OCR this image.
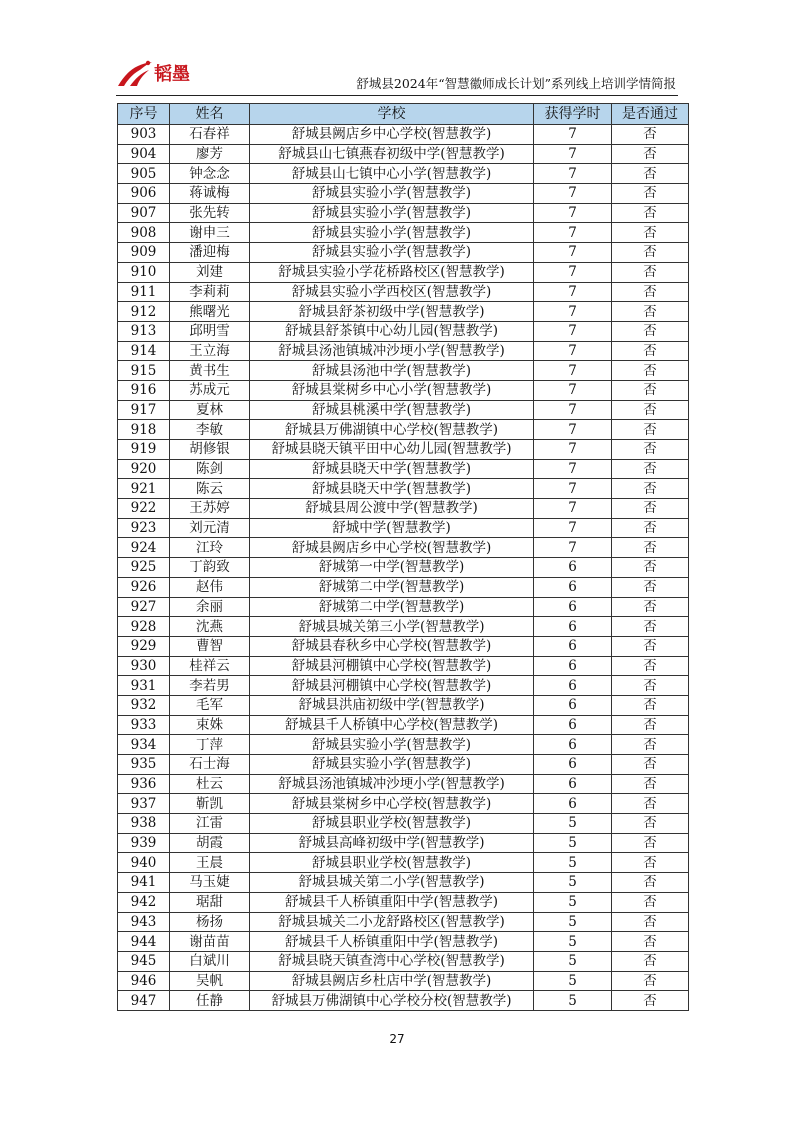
韬墨	舒城县2024年“智慧徽师成长计划”系列线上培训学情简报
序号	姓名	学校	获得学时	是否通过
903	石春祥	舒城县阙店乡中心学校(智慧教学)	7	否
904	廖芳	舒城县山七镇燕春初级中学(智慧教学)	7	否
905	钟念念	舒城县山七镇中心小学(智慧教学)	7	否
906	蒋诚梅	舒城县实验小学(智慧教学)	7	否
907	张先转	舒城县实验小学(智慧教学)	7	否
908	谢申三	舒城县实验小学(智慧教学)	7	否
909	潘迎梅	舒城县实验小学(智慧教学)	7	否
910	刘建	舒城县实验小学花桥路校区(智慧教学)	7	否
911	李莉莉	舒城县实验小学西校区(智慧教学)	7	否
912	熊曙光	舒城县舒茶初级中学(智慧教学)	7	否
913	邱明雪	舒城县舒茶镇中心幼儿园(智慧教学)	7	否
914	王立海	舒城县汤池镇城冲沙埂小学(智慧教学)	7	否
915	黄书生	舒城县汤池中学(智慧教学)	7	否
916	苏成元	舒城县棠树乡中心小学(智慧教学)	7	否
917	夏林	舒城县桃溪中学(智慧教学)	7	否
918	李敏	舒城县万佛湖镇中心学校(智慧教学)	7	否
919	胡修银	舒城县晓天镇平田中心幼儿园(智慧教学)	7	否
920	陈剑	舒城县晓天中学(智慧教学)	7	否
921	陈云	舒城县晓天中学(智慧教学)	7	否
922	王苏婷	舒城县周公渡中学(智慧教学)	7	否
923	刘元清	舒城中学(智慧教学)	7	否
924	江玲	舒城县阙店乡中心学校(智慧教学)	7	否
925	丁韵致	舒城第一中学(智慧教学)	6	否
926	赵伟	舒城第二中学(智慧教学)	6	否
927	余丽	舒城第二中学(智慧教学)	6	否
928	沈燕	舒城县城关第三小学(智慧教学)	6	否
929	曹智	舒城县春秋乡中心学校(智慧教学)	6	否
930	桂祥云	舒城县河棚镇中心学校(智慧教学)	6	否
931	李若男	舒城县河棚镇中心学校(智慧教学)	6	否
932	毛军	舒城县洪庙初级中学(智慧教学)	6	否
933	束姝	舒城县千人桥镇中心学校(智慧教学)	6	否
934	丁萍	舒城县实验小学(智慧教学)	6	否
935	石士海	舒城县实验小学(智慧教学)	6	否
936	杜云	舒城县汤池镇城冲沙埂小学(智慧教学)	6	否
937	靳凯	舒城县棠树乡中心学校(智慧教学)	6	否
938	江雷	舒城县职业学校(智慧教学)	5	否
939	胡霞	舒城县高峰初级中学(智慧教学)	5	否
940	王晨	舒城县职业学校(智慧教学)	5	否
941	马玉婕	舒城县城关第二小学(智慧教学)	5	否
942	琚甜	舒城县千人桥镇重阳中学(智慧教学)	5	否
943	杨扬	舒城县城关二小龙舒路校区(智慧教学)	5	否
944	谢苗苗	舒城县千人桥镇重阳中学(智慧教学)	5	否
945	白斌川	舒城县晓天镇查湾中心学校(智慧教学)	5	否
946	吴帆	舒城县阙店乡杜店中学(智慧教学)	5	否
947	任静	舒城县万佛湖镇中心学校分校(智慧教学)	5	否
27
